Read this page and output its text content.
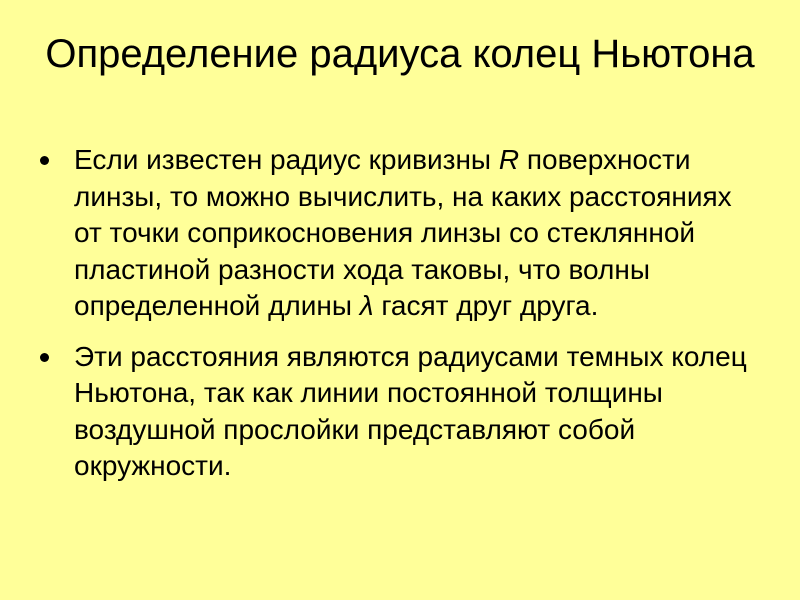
Определение радиуса колец Ньютона
Если известен радиус кривизны R поверхности линзы, то можно вычислить, на каких расстояниях от точки соприкосновения линзы со стеклянной пластиной разности хода таковы, что волны определенной длины λ гасят друг друга.
Эти расстояния являются радиусами темных колец Ньютона, так как линии постоянной толщины воздушной прослойки представляют собой окружности.
